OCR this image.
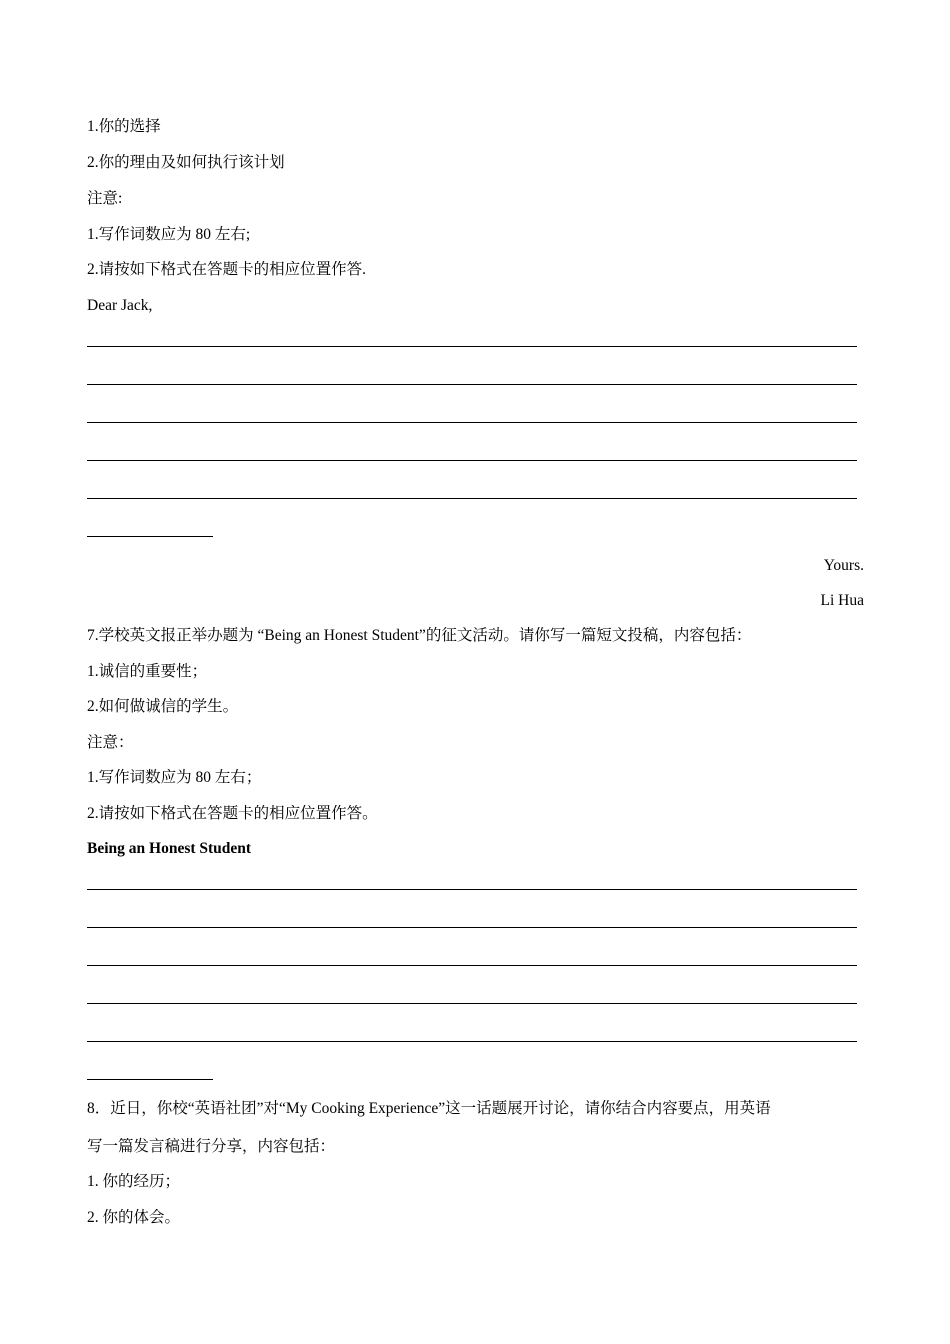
1.你的选择
2.你的理由及如何执行该计划
注意:
1.写作词数应为 80 左右;
2.请按如下格式在答题卡的相应位置作答.
Dear Jack,
Yours.
Li Hua
7.学校英文报正举办题为 “Being an Honest Student”的征文活动。请你写一篇短文投稿，内容包括：
1.诚信的重要性；
2.如何做诚信的学生。
注意：
1.写作词数应为 80 左右；
2.请按如下格式在答题卡的相应位置作答。
Being an Honest Student
8．近日，你校“英语社团”对“My Cooking Experience”这一话题展开讨论，请你结合内容要点，用英语
写一篇发言稿进行分享，内容包括：
1. 你的经历；
2. 你的体会。
